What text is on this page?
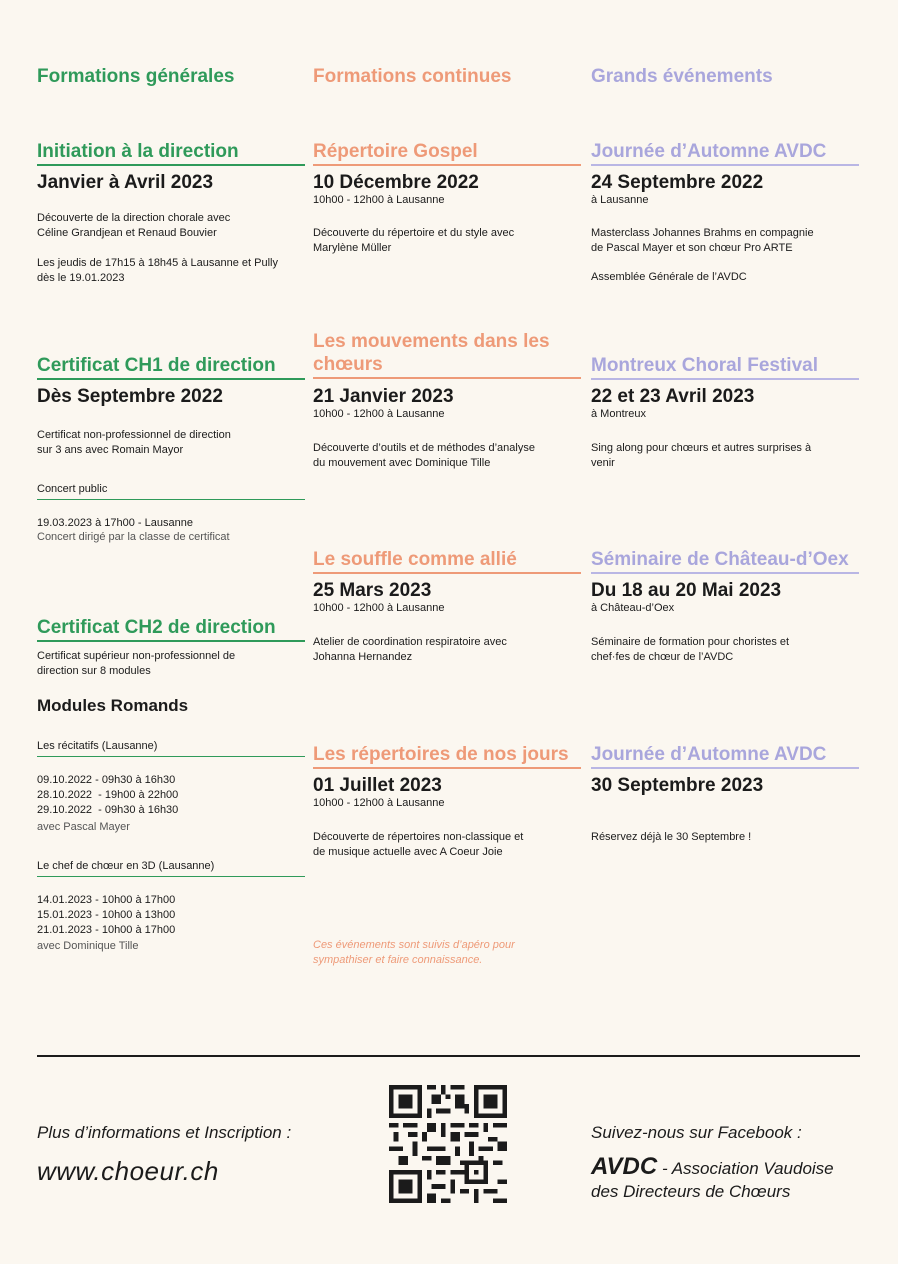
Formations générales	Formations continues	Grands événements
Initiation à la direction
Janvier à Avril 2023
Découverte de la direction chorale avec
Céline Grandjean et Renaud Bouvier
Les jeudis de 17h15 à 18h45 à Lausanne et Pully
dès le 19.01.2023
Certificat CH1 de direction
Dès Septembre 2022
Certificat non-professionnel de direction
sur 3 ans avec Romain Mayor
Concert public
19.03.2023 à 17h00 - Lausanne
Concert dirigé par la classe de certificat
Certificat CH2 de direction
Certificat supérieur non-professionnel de
direction sur 8 modules
Modules Romands
Les récitatifs (Lausanne)
09.10.2022 - 09h30 à 16h30
28.10.2022  - 19h00 à 22h00
29.10.2022  - 09h30 à 16h30
avec Pascal Mayer
Le chef de chœur en 3D (Lausanne)
14.01.2023 - 10h00 à 17h00
15.01.2023 - 10h00 à 13h00
21.01.2023 - 10h00 à 17h00
avec Dominique Tille
Répertoire Gospel
10 Décembre 2022
10h00 - 12h00 à Lausanne
Découverte du répertoire et du style avec
Marylène Müller
Les mouvements dans les
chœurs
21 Janvier 2023
10h00 - 12h00 à Lausanne
Découverte d’outils et de méthodes d’analyse
du mouvement avec Dominique Tille
Le souffle comme allié
25 Mars 2023
10h00 - 12h00 à Lausanne
Atelier de coordination respiratoire avec
Johanna Hernandez
Les répertoires de nos jours
01 Juillet 2023
10h00 - 12h00 à Lausanne
Découverte de répertoires non-classique et
de musique actuelle avec A Coeur Joie
Ces événements sont suivis d’apéro pour
sympathiser et faire connaissance.
Journée d’Automne AVDC
24 Septembre 2022
à Lausanne
Masterclass Johannes Brahms en compagnie
de Pascal Mayer et son chœur Pro ARTE
Assemblée Générale de l’AVDC
Montreux Choral Festival
22 et 23 Avril 2023
à Montreux
Sing along pour chœurs et autres surprises à
venir
Séminaire de Château-d’Oex
Du 18 au 20 Mai 2023
à Château-d’Oex
Séminaire de formation pour choristes et
chef·fes de chœur de l’AVDC
Journée d’Automne AVDC
30 Septembre 2023
Réservez déjà le 30 Septembre !
Plus d’informations et Inscription :
www.choeur.ch
Suivez-nous sur Facebook :
AVDC - Association Vaudoise
des Directeurs de Chœurs
